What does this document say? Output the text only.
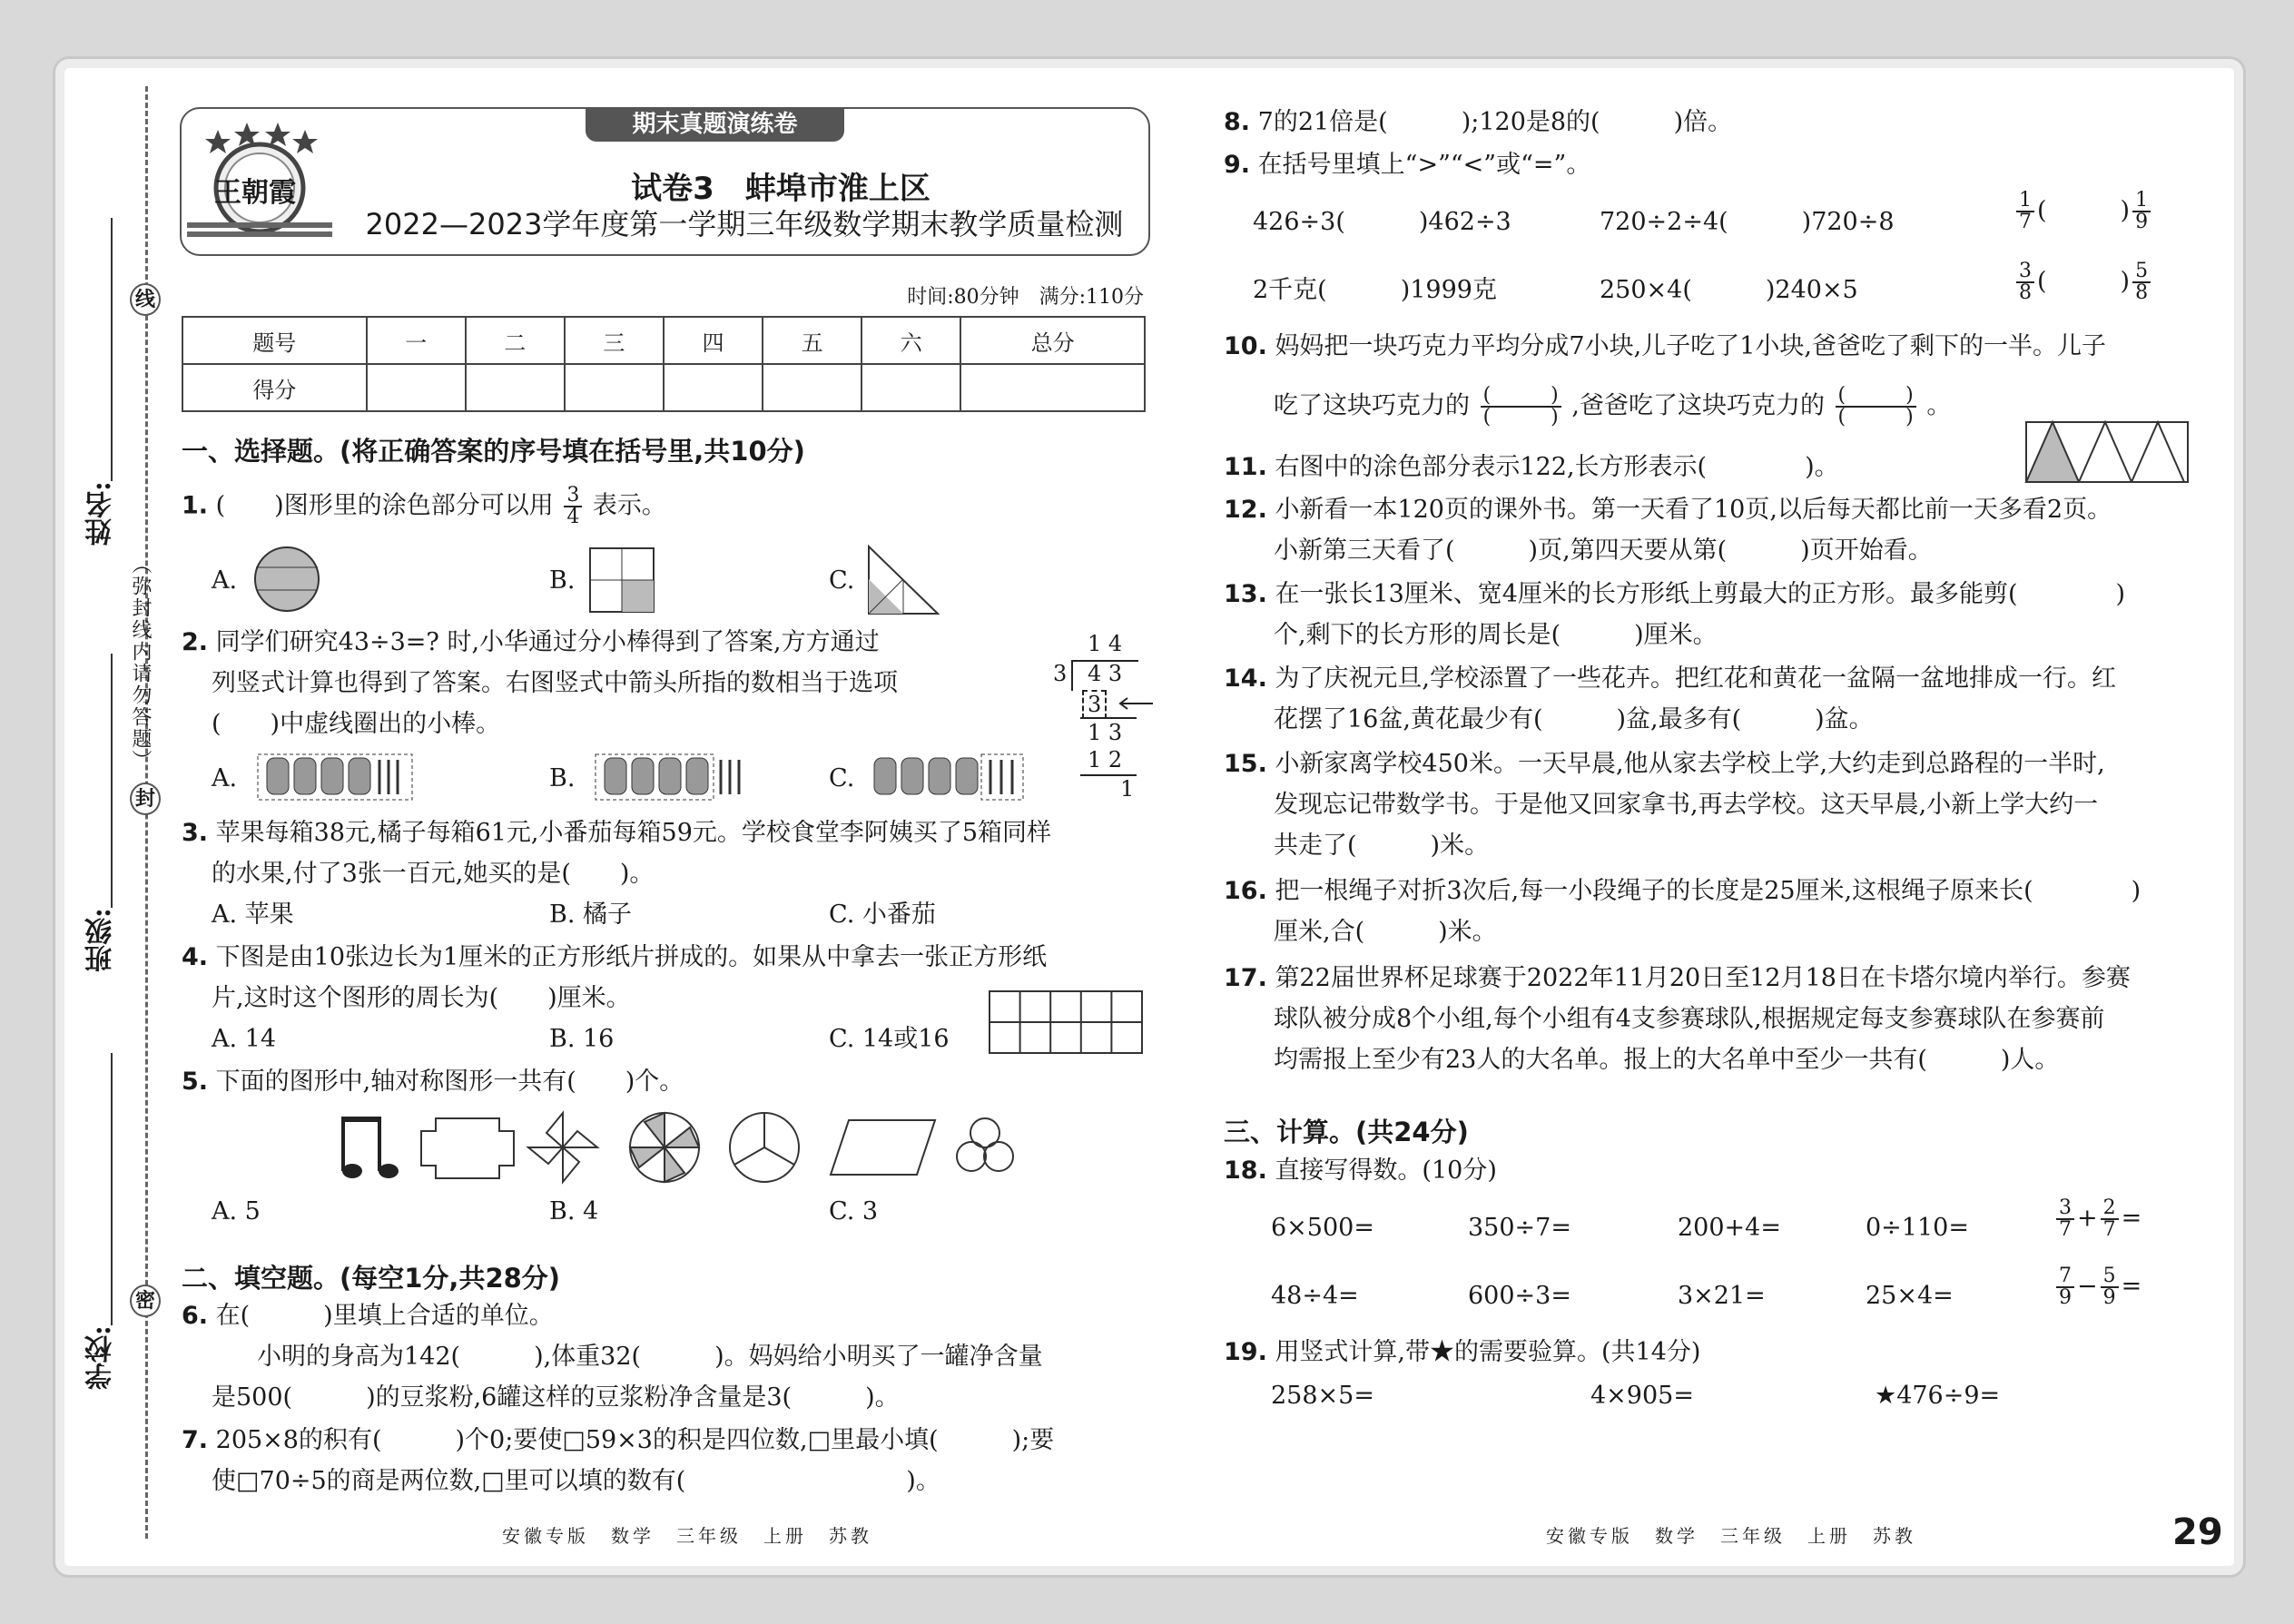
线
封
密
（弥封线内请勿答题）
姓名:
班级:
学校:
期末真题演练卷
王朝霞	试卷3　蚌埠市淮上区
2022—2023学年度第一学期三年级数学期末教学质量检测
时间:80分钟　满分:110分
题号	一	二	三	四	五	六	总分
得分							
一、选择题。(将正确答案的序号填在括号里,共10分)
1. (　　)图形里的涂色部分可以用 $\frac{3}{4}$ 表示。
A.	B.	C.
2. 同学们研究43÷3=? 时,小华通过分小棒得到了答案,方方通过
列竖式计算也得到了答案。右图竖式中箭头所指的数相当于选项
(　　)中虚线圈出的小棒。
1 4
3 4 3
3
1 3
1 2
1
A.	B.	C.
3. 苹果每箱38元,橘子每箱61元,小番茄每箱59元。学校食堂李阿姨买了5箱同样
的水果,付了3张一百元,她买的是(　　)。
A. 苹果	B. 橘子	C. 小番茄
4. 下图是由10张边长为1厘米的正方形纸片拼成的。如果从中拿去一张正方形纸
片,这时这个图形的周长为(　　)厘米。
A. 14	B. 16	C. 14或16
5. 下面的图形中,轴对称图形一共有(　　)个。
A. 5	B. 4	C. 3
二、填空题。(每空1分,共28分)
6. 在(　　　)里填上合适的单位。
小明的身高为142(　　　),体重32(　　　)。妈妈给小明买了一罐净含量
是500(　　　)的豆浆粉,6罐这样的豆浆粉净含量是3(　　　)。
7. 205×8的积有(　　　)个0;要使□59×3的积是四位数,□里最小填(　　　);要
使□70÷5的商是两位数,□里可以填的数有(　　　　　　　　　)。
安徽专版　数学　三年级　上册　苏教
8. 7的21倍是(　　　);120是8的(　　　)倍。
9. 在括号里填上“>”“<”或“=”。
426÷3(　　　)462÷3	720÷2÷4(　　　)720÷8	$\frac{1}{7}$ (　　　) $\frac{1}{9}$
2千克(　　　)1999克	250×4(　　　)240×5	$\frac{3}{8}$ (　　　) $\frac{5}{8}$
10. 妈妈把一块巧克力平均分成7小块,儿子吃了1小块,爸爸吃了剩下的一半。儿子
吃了这块巧克力的 $\frac{( )}{( )}$ ,爸爸吃了这块巧克力的 $\frac{( )}{( )}$ 。
11. 右图中的涂色部分表示122,长方形表示(　　　　)。
12. 小新看一本120页的课外书。第一天看了10页,以后每天都比前一天多看2页。
小新第三天看了(　　　)页,第四天要从第(　　　)页开始看。
13. 在一张长13厘米、宽4厘米的长方形纸上剪最大的正方形。最多能剪(　　　　)
个,剩下的长方形的周长是(　　　)厘米。
14. 为了庆祝元旦,学校添置了一些花卉。把红花和黄花一盆隔一盆地排成一行。红
花摆了16盆,黄花最少有(　　　)盆,最多有(　　　)盆。
15. 小新家离学校450米。一天早晨,他从家去学校上学,大约走到总路程的一半时,
发现忘记带数学书。于是他又回家拿书,再去学校。这天早晨,小新上学大约一
共走了(　　　)米。
16. 把一根绳子对折3次后,每一小段绳子的长度是25厘米,这根绳子原来长(　　　　)
厘米,合(　　　)米。
17. 第22届世界杯足球赛于2022年11月20日至12月18日在卡塔尔境内举行。参赛
球队被分成8个小组,每个小组有4支参赛球队,根据规定每支参赛球队在参赛前
均需报上至少有23人的大名单。报上的大名单中至少一共有(　　　)人。
三、计算。(共24分)
18. 直接写得数。(10分)
6×500=	350÷7=	200+4=	0÷110=	$\frac{3}{7} + \frac{2}{7}$ =
48÷4=	600÷3=	3×21=	25×4=	$\frac{7}{9} - \frac{5}{9}$ =
19. 用竖式计算,带★的需要验算。(共14分)
258×5=	4×905=	★476÷9=
安徽专版　数学　三年级　上册　苏教	29
